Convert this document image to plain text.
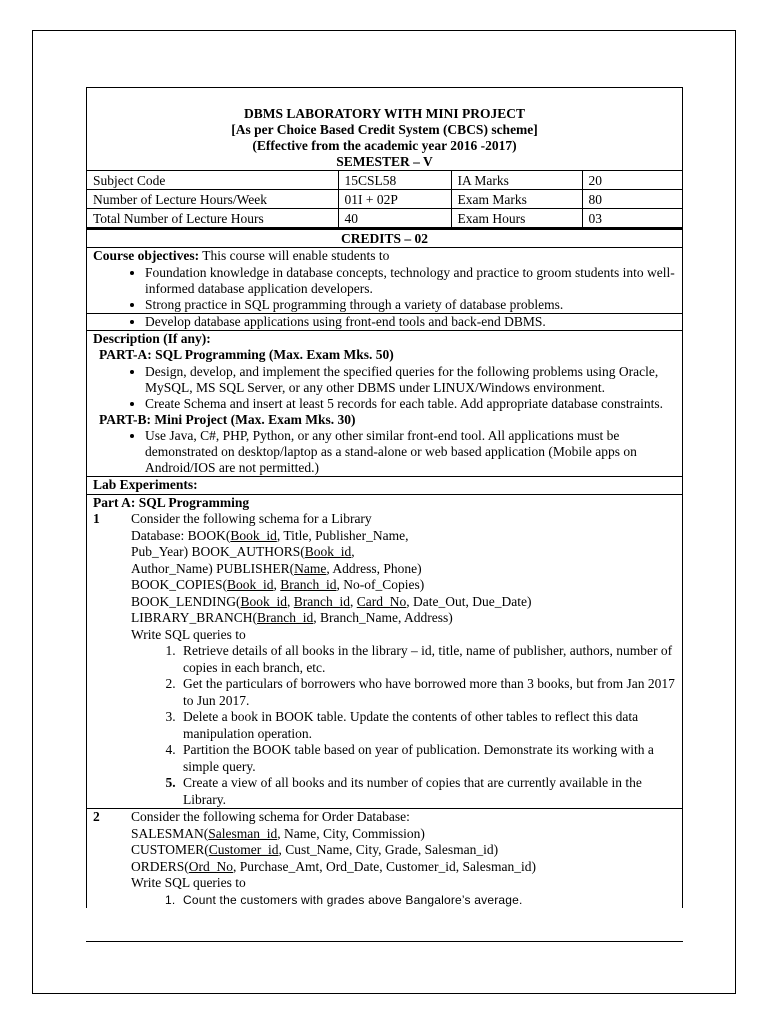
DBMS LABORATORY WITH MINI PROJECT
[As per Choice Based Credit System (CBCS) scheme]
(Effective from the academic year 2016 -2017)
SEMESTER – V
Subject Code	15CSL58	IA Marks	20
Number of Lecture Hours/Week	01I + 02P	Exam Marks	80
Total Number of Lecture Hours	40	Exam Hours	03
CREDITS – 02
Course objectives: This course will enable students to
• Foundation knowledge in database concepts, technology and practice to groom students into well-informed database application developers.
• Strong practice in SQL programming through a variety of database problems.
• Develop database applications using front-end tools and back-end DBMS.
Description (If any):
PART-A: SQL Programming (Max. Exam Mks. 50)
• Design, develop, and implement the specified queries for the following problems using Oracle, MySQL, MS SQL Server, or any other DBMS under LINUX/Windows environment.
• Create Schema and insert at least 5 records for each table. Add appropriate database constraints.
PART-B: Mini Project (Max. Exam Mks. 30)
• Use Java, C#, PHP, Python, or any other similar front-end tool. All applications must be demonstrated on desktop/laptop as a stand-alone or web based application (Mobile apps on Android/IOS are not permitted.)
Lab Experiments:
Part A: SQL Programming
1	Consider the following schema for a Library
Database: BOOK(Book_id, Title, Publisher_Name,
Pub_Year) BOOK_AUTHORS(Book_id,
Author_Name) PUBLISHER(Name, Address, Phone)
BOOK_COPIES(Book_id, Branch_id, No-of_Copies)
BOOK_LENDING(Book_id, Branch_id, Card_No, Date_Out, Due_Date)
LIBRARY_BRANCH(Branch_id, Branch_Name, Address)
Write SQL queries to
1. Retrieve details of all books in the library – id, title, name of publisher, authors, number of copies in each branch, etc.
2. Get the particulars of borrowers who have borrowed more than 3 books, but from Jan 2017 to Jun 2017.
3. Delete a book in BOOK table. Update the contents of other tables to reflect this data manipulation operation.
4. Partition the BOOK table based on year of publication. Demonstrate its working with a simple query.
5. Create a view of all books and its number of copies that are currently available in the Library.
2	Consider the following schema for Order Database:
SALESMAN(Salesman_id, Name, City, Commission)
CUSTOMER(Customer_id, Cust_Name, City, Grade, Salesman_id)
ORDERS(Ord_No, Purchase_Amt, Ord_Date, Customer_id, Salesman_id)
Write SQL queries to
1. Count the customers with grades above Bangalore’s average.
